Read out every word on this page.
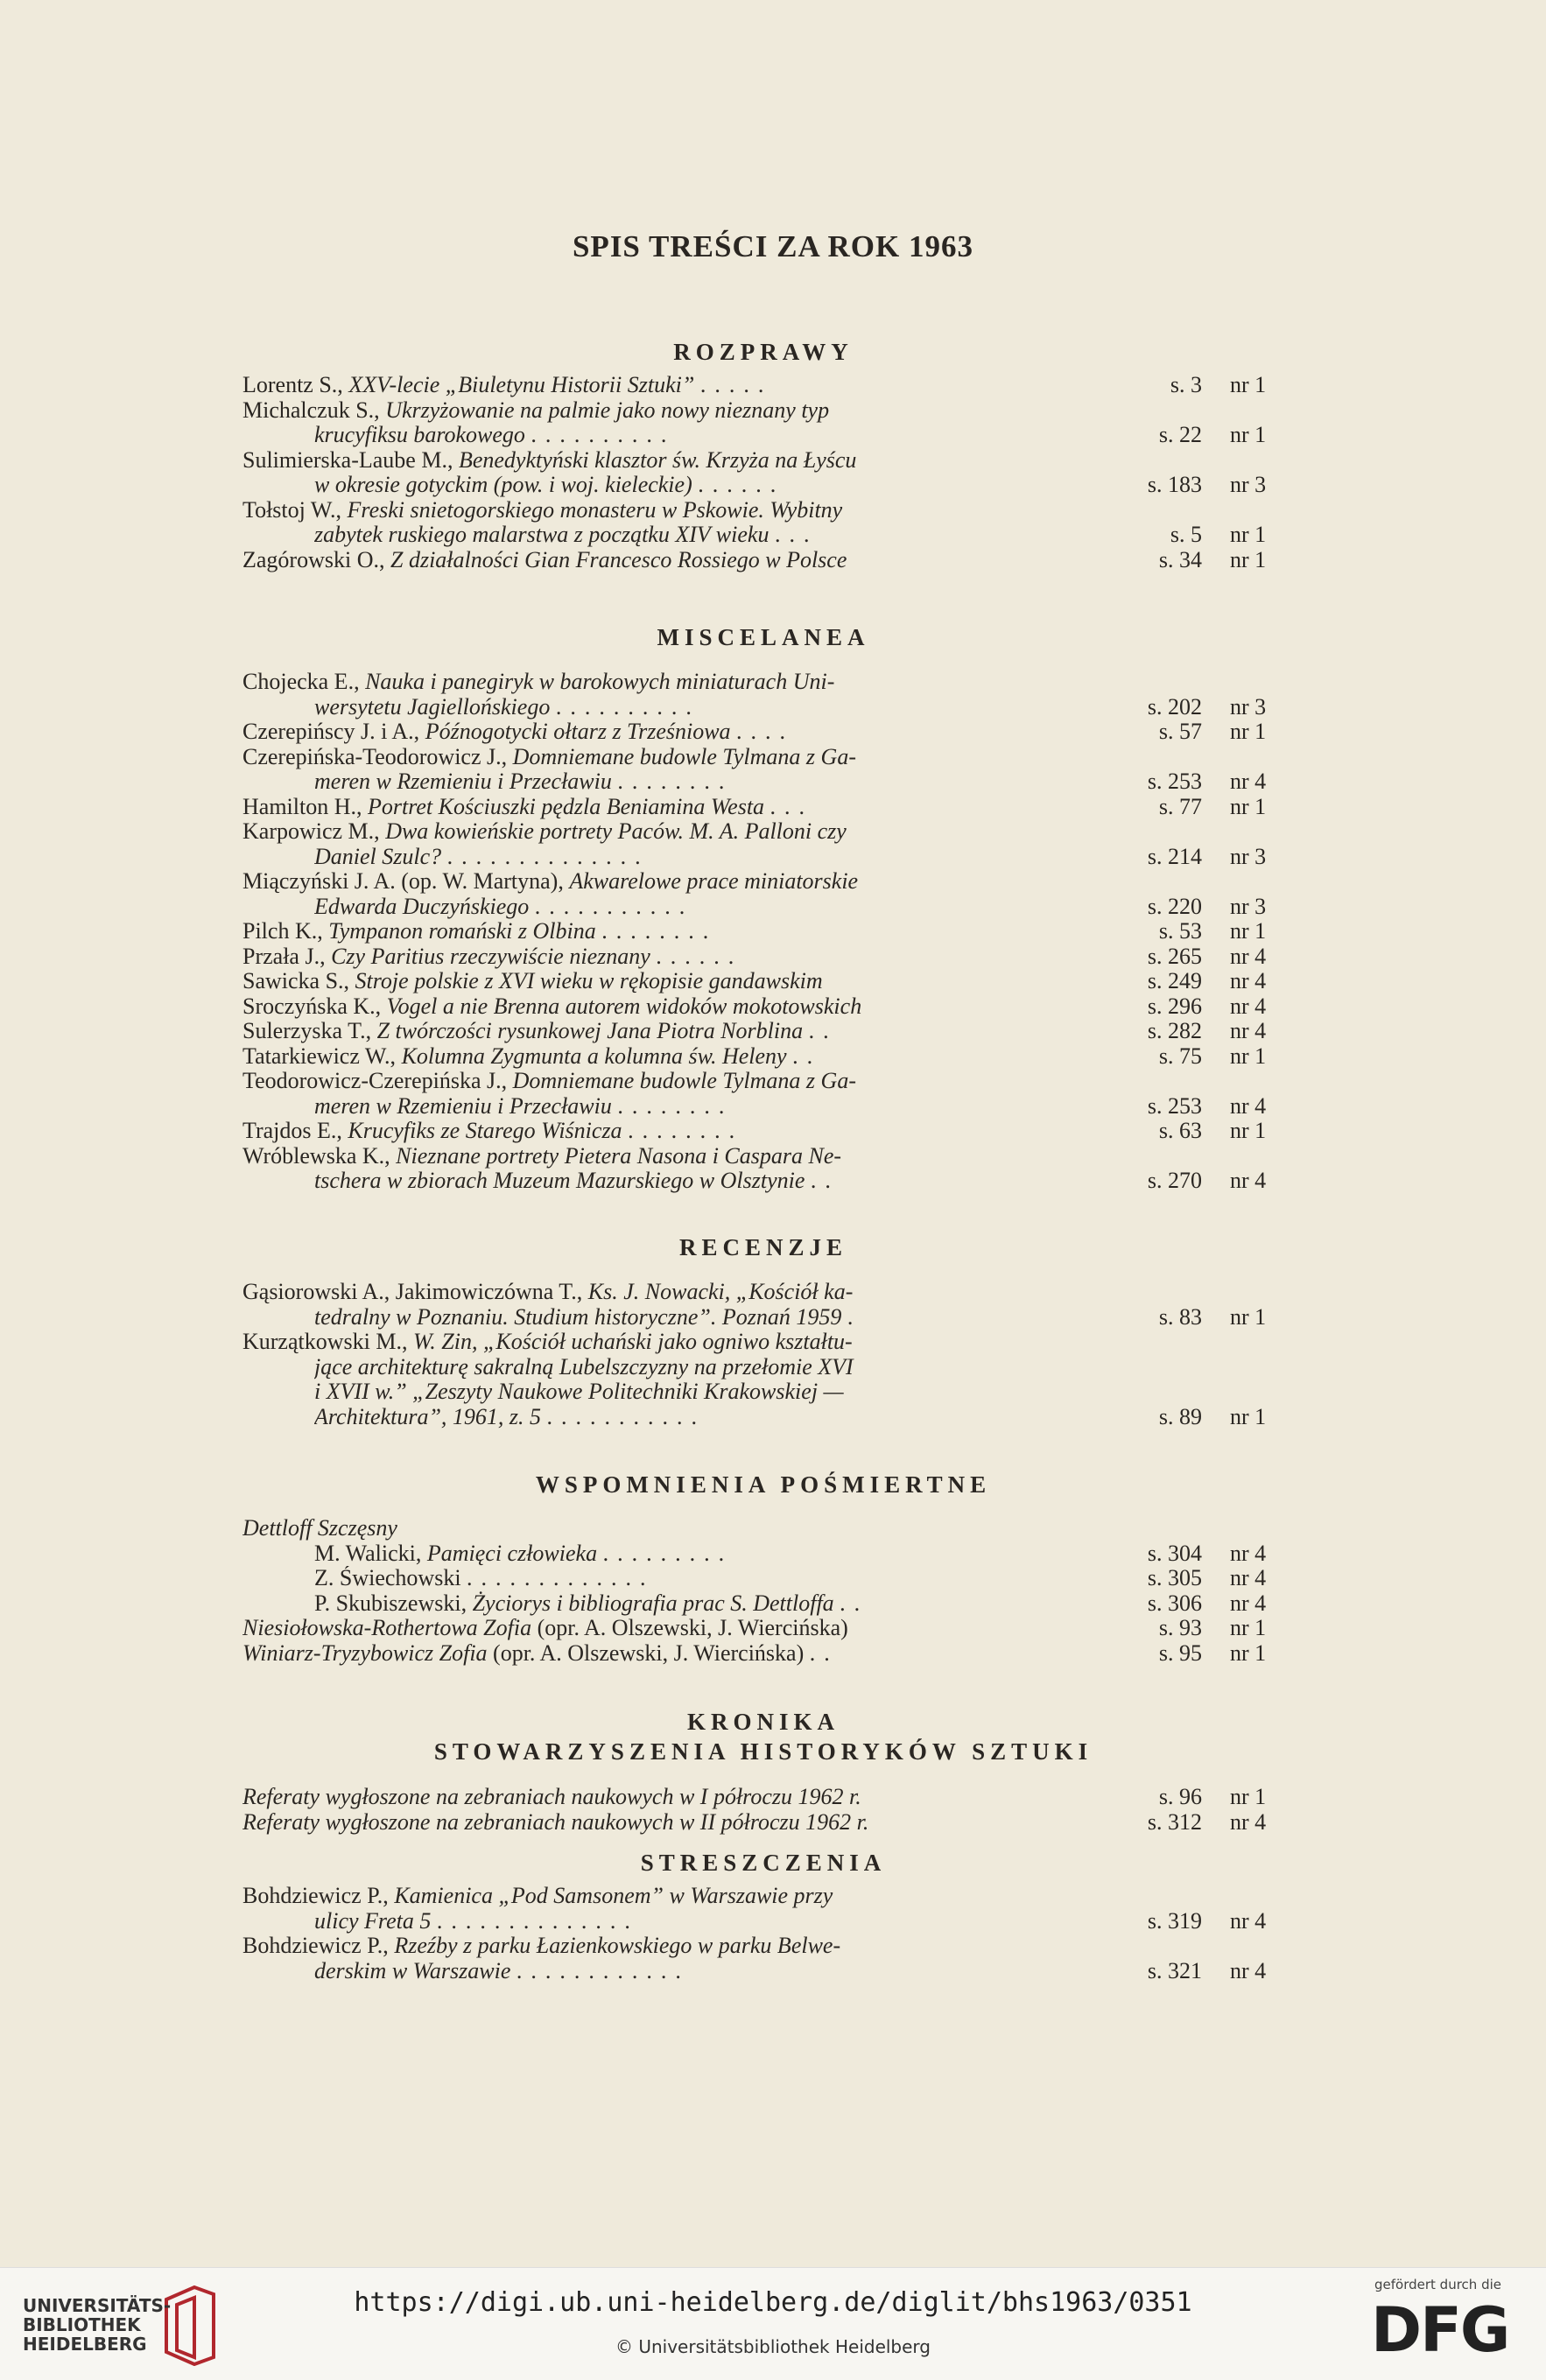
SPIS TREŚCI ZA ROK 1963
ROZPRAWY
Lorentz S., XXV-lecie „Biuletynu Historii Sztuki” .....	s. 3 nr 1
Michalczuk S., Ukrzyżowanie na palmie jako nowy nieznany typ
krucyfiksu barokowego ..........	s. 22 nr 1
Sulimierska-Laube M., Benedyktyński klasztor św. Krzyża na Łyścu
w okresie gotyckim (pow. i woj. kieleckie) ......	s. 183 nr 3
Tołstoj W., Freski snietogorskiego monasteru w Pskowie. Wybitny
zabytek ruskiego malarstwa z początku XIV wieku ...	s. 5 nr 1
Zagórowski O., Z działalności Gian Francesco Rossiego w Polsce	s. 34 nr 1
MISCELANEA
Chojecka E., Nauka i panegiryk w barokowych miniaturach Uni-
wersytetu Jagiellońskiego ..........	s. 202 nr 3
Czerepińscy J. i A., Późnogotycki ołtarz z Trześniowa ....	s. 57 nr 1
Czerepińska-Teodorowicz J., Domniemane budowle Tylmana z Ga-
meren w Rzemieniu i Przecławiu ........	s. 253 nr 4
Hamilton H., Portret Kościuszki pędzla Beniamina Westa ...	s. 77 nr 1
Karpowicz M., Dwa kowieńskie portrety Paców. M. A. Palloni czy
Daniel Szulc? ..............	s. 214 nr 3
Miączyński J. A. (op. W. Martyna), Akwarelowe prace miniatorskie
Edwarda Duczyńskiego ...........	s. 220 nr 3
Pilch K., Tympanon romański z Olbina ........	s. 53 nr 1
Przała J., Czy Paritius rzeczywiście nieznany ......	s. 265 nr 4
Sawicka S., Stroje polskie z XVI wieku w rękopisie gandawskim	s. 249 nr 4
Sroczyńska K., Vogel a nie Brenna autorem widoków mokotowskich	s. 296 nr 4
Sulerzyska T., Z twórczości rysunkowej Jana Piotra Norblina ..	s. 282 nr 4
Tatarkiewicz W., Kolumna Zygmunta a kolumna św. Heleny ..	s. 75 nr 1
Teodorowicz-Czerepińska J., Domniemane budowle Tylmana z Ga-
meren w Rzemieniu i Przecławiu ........	s. 253 nr 4
Trajdos E., Krucyfiks ze Starego Wiśnicza ........	s. 63 nr 1
Wróblewska K., Nieznane portrety Pietera Nasona i Caspara Ne-
tschera w zbiorach Muzeum Mazurskiego w Olsztynie ..	s. 270 nr 4
RECENZJE
Gąsiorowski A., Jakimowiczówna T., Ks. J. Nowacki, „Kościół ka-
tedralny w Poznaniu. Studium historyczne”. Poznań 1959 .	s. 83 nr 1
Kurzątkowski M., W. Zin, „Kościół uchański jako ogniwo kształtu-
jące architekturę sakralną Lubelszczyzny na przełomie XVI
i XVII w.” „Zeszyty Naukowe Politechniki Krakowskiej —
Architektura”, 1961, z. 5 ...........	s. 89 nr 1
WSPOMNIENIA POŚMIERTNE
Dettloff Szczęsny
M. Walicki, Pamięci człowieka .........	s. 304 nr 4
Z. Świechowski .............	s. 305 nr 4
P. Skubiszewski, Życiorys i bibliografia prac S. Dettloffa ..	s. 306 nr 4
Niesiołowska-Rothertowa Zofia (opr. A. Olszewski, J. Wiercińska)	s. 93 nr 1
Winiarz-Tryzybowicz Zofia (opr. A. Olszewski, J. Wiercińska) ..	s. 95 nr 1
KRONIKA
STOWARZYSZENIA HISTORYKÓW SZTUKI
Referaty wygłoszone na zebraniach naukowych w I półroczu 1962 r.	s. 96 nr 1
Referaty wygłoszone na zebraniach naukowych w II półroczu 1962 r.	s. 312 nr 4
STRESZCZENIA
Bohdziewicz P., Kamienica „Pod Samsonem” w Warszawie przy
ulicy Freta 5 ..............	s. 319 nr 4
Bohdziewicz P., Rzeźby z parku Łazienkowskiego w parku Belwe-
derskim w Warszawie ............	s. 321 nr 4
UNIVERSITÄTS- BIBLIOTHEK HEIDELBERG
https://digi.ub.uni-heidelberg.de/diglit/bhs1963/0351
© Universitätsbibliothek Heidelberg
gefördert durch die
DFG
